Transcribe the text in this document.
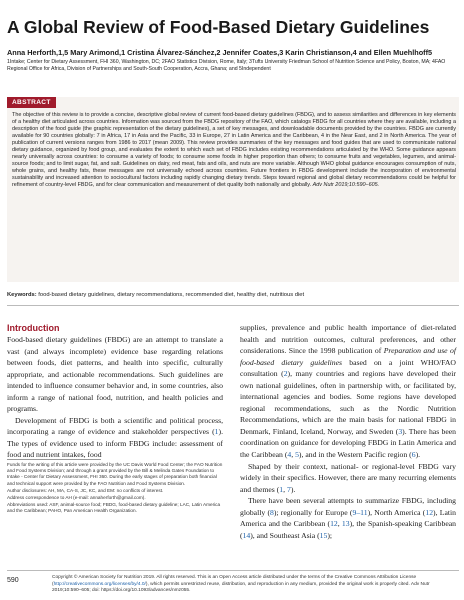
A Global Review of Food-Based Dietary Guidelines
Anna Herforth,1,5 Mary Arimond,1 Cristina Álvarez-Sánchez,2 Jennifer Coates,3 Karin Christianson,4 and Ellen Muehlhoff5
1Intake; Center for Dietary Assessment, FHI 360, Washington, DC; 2FAO Statistics Division, Rome, Italy; 3Tufts University Friedman School of Nutrition Science and Policy, Boston, MA; 4FAO Regional Office for Africa, Division of Partnerships and South-South Cooperation, Accra, Ghana; and 5Independent
ABSTRACT
The objective of this review is to provide a concise, descriptive global review of current food-based dietary guidelines (FBDG), and to assess similarities and differences in key elements of a healthy diet articulated across countries. Information was sourced from the FBDG repository of the FAO, which catalogs FBDG for all countries where they are available, including a description of the food guide (the graphic representation of the dietary guidelines), a set of key messages, and downloadable documents provided by the countries. FBDG are currently available for 90 countries globally: 7 in Africa, 17 in Asia and the Pacific, 33 in Europe, 27 in Latin America and the Caribbean, 4 in the Near East, and 2 in North America. The year of publication of current versions ranges from 1986 to 2017 (mean 2009). This review provides summaries of the key messages and food guides that are used to communicate national dietary guidance, organized by food group, and evaluates the extent to which each set of FBDG includes existing recommendations articulated by the WHO. Some guidance appears nearly universally across countries: to consume a variety of foods; to consume some foods in higher proportion than others; to consume fruits and vegetables, legumes, and animal-source foods; and to limit sugar, fat, and salt. Guidelines on dairy, red meat, fats and oils, and nuts are more variable. Although WHO global guidance encourages consumption of nuts, whole grains, and healthy fats, these messages are not universally echoed across countries. Future frontiers in FBDG development include the incorporation of environmental sustainability and increased attention to sociocultural factors including rapidly changing dietary trends. Steps toward regional and global dietary recommendations could be helpful for refinement of country-level FBDG, and for clear communication and measurement of diet quality both nationally and globally. Adv Nutr 2019;10:590–605.
Keywords: food-based dietary guidelines, dietary recommendations, recommended diet, healthy diet, nutritious diet
Introduction

Food-based dietary guidelines (FBDG) are an attempt to translate a vast (and always incomplete) evidence base regarding relations between foods, diet patterns, and health into specific, culturally appropriate, and actionable recommendations. Such guidelines are intended to influence consumer behavior and, in some countries, also inform a range of national food, nutrition, and health policies and programs.

Development of FBDG is both a scientific and political process, incorporating a range of evidence and stakeholder perspectives (1). The types of evidence used to inform FBDG include: assessment of food and nutrient intakes, food

Funds for the writing of this article were provided by the UC Davis World Food Center; the FAO Nutrition and Food Systems Division; and through a grant provided by the Bill & Melinda Gates Foundation to Intake - Center for Dietary Assessment, FHI 360. During the early stages of preparation both financial and technical support were provided by the FAO Nutrition and Food Systems Division.

Author disclosures: AH, MA, CA-S, JC, KC, and EM: no conflicts of interest.

Address correspondence to AH (e-mail: annaherforth@gmail.com).

Abbreviations used: ASF, animal-source food; FBDG, food-based dietary guideline; LAC, Latin America and the Caribbean; PAHO, Pan American Health Organization.

supplies, prevalence and public health importance of diet-related health and nutrition outcomes, cultural preferences, and other considerations. Since the 1998 publication of Preparation and use of food-based dietary guidelines based on a joint WHO/FAO consultation (2), many countries and regions have developed their own national guidelines, often in partnership with, or facilitated by, international agencies and bodies. Some regions have developed regional recommendations, such as the Nordic Nutrition Recommendations, which are the main basis for national FBDG in Denmark, Finland, Iceland, Norway, and Sweden (3). There has been coordination on guidance for developing FBDG in Latin America and the Caribbean (4, 5), and in the Western Pacific region (6).

Shaped by their context, national- or regional-level FBDG vary widely in their specifics. However, there are many recurring elements and themes (1, 7).

There have been several attempts to summarize FBDG, including globally (8); regionally for Europe (9–11), North America (12), Latin America and the Caribbean (12, 13), the Spanish-speaking Caribbean (14), and Southeast Asia (15);

590	Copyright © American Society for Nutrition 2019. All rights reserved. This is an Open Access article distributed under the terms of the Creative Commons Attribution License (http://creativecommons.org/licenses/by/4.0/), which permits unrestricted reuse, distribution, and reproduction in any medium, provided the original work is properly cited. Adv Nutr 2019;10:590–605; doi: https://doi.org/10.1093/advances/nmz055.
